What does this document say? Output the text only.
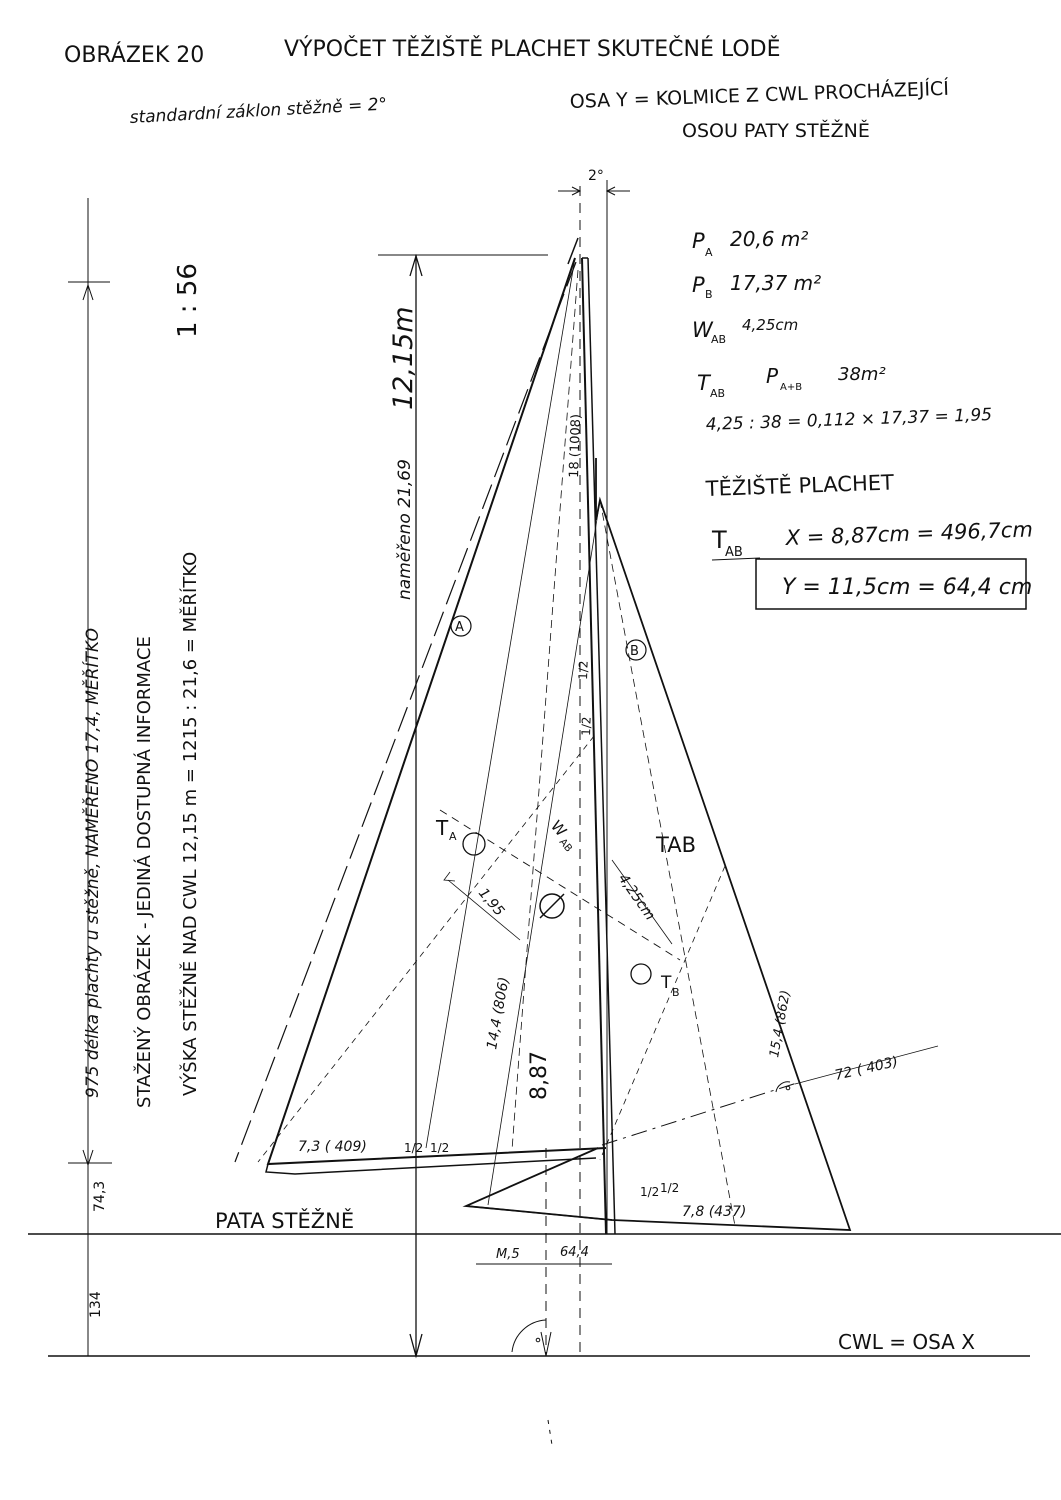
OBRÁZEK 20	VÝPOČET TĚŽIŠTĚ PLACHET SKUTEČNÉ LODĚ
standardní záklon stěžně = 2°	OSA Y = KOLMICE Z CWL PROCHÁZEJÍCÍ
OSOU PATY STĚŽNĚ
975 délka plachty u stěžně, NAMĚŘENO 17,4, MĚŘÍTKO STAŽENÝ OBRÁZEK - JEDINÁ DOSTUPNÁ INFORMACE VÝŠKA STĚŽNĚ NAD CWL 12,15 m = 1215 : 21,6 = MĚŘÍTKO
1 : 56
PATA STĚŽNĚ
CWL = OSA X
74,3
134
naměřeno 21,69
12,15m
2°
18 (1008)
1/2
1/2
A
7,3 ( 409)	1/2 1/2
14,4 (806)
B
7,8 (437)
1/2 1/2
15,4 (862)
72 ( 403)
T A
T B
TAB
1,95
W
AB
4,25cm
8,87
M,5	64,4
P A
20,6 m²
P B 17,37 m²
W
AB
4,25cm
T AB
P A+B
38m²
4,25 : 38 = 0,112 × 17,37 = 1,95
TĚŽIŠTĚ PLACHET
T
AB
X = 8,87cm = 496,7cm
Y = 11,5cm = 64,4 cm
